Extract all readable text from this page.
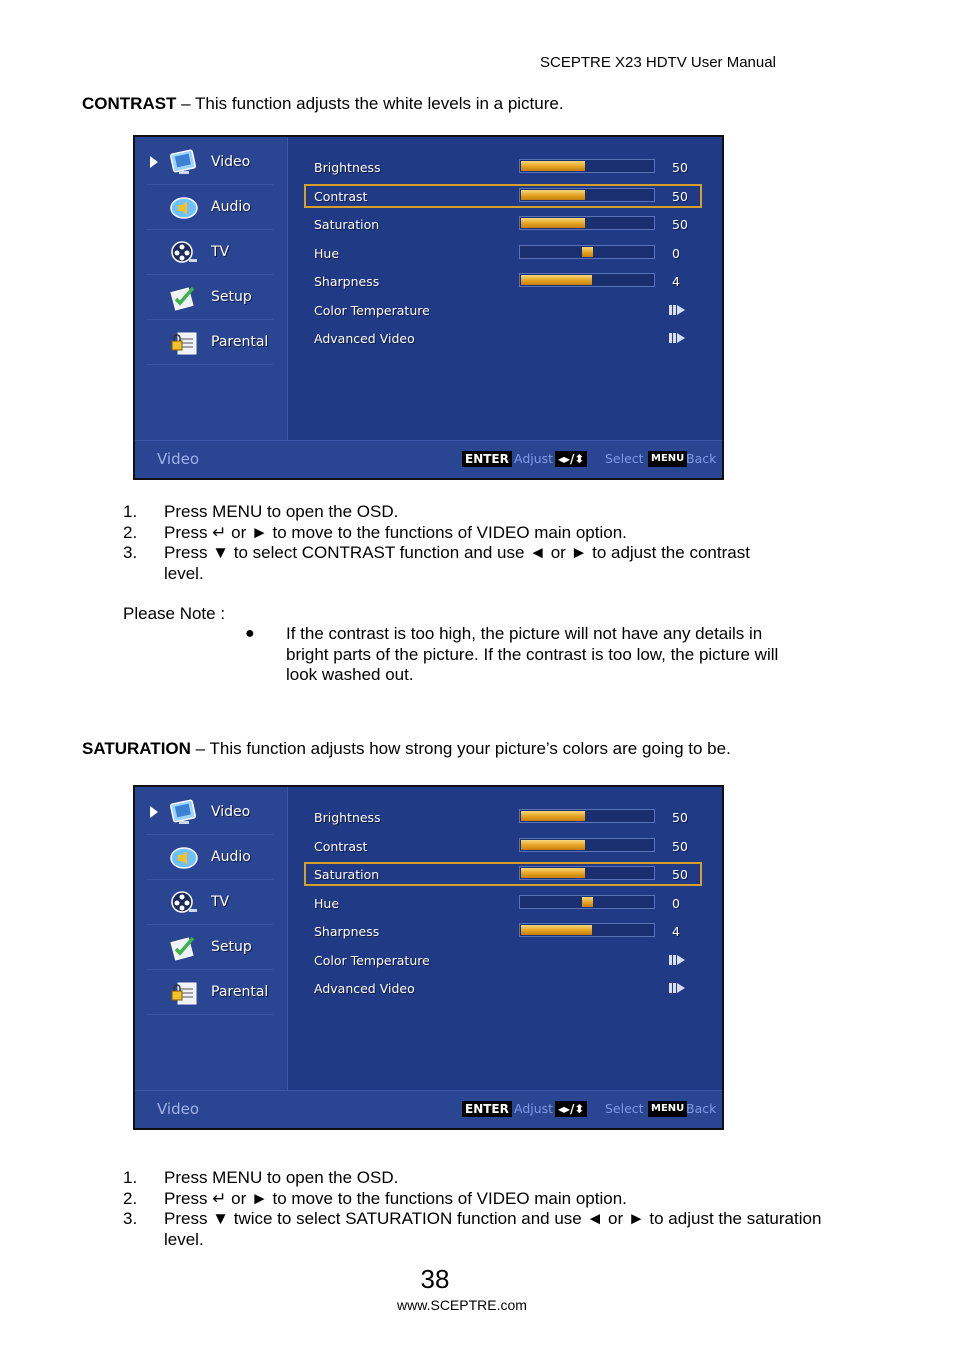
SCEPTRE X23 HDTV User Manual
CONTRAST – This function adjusts the white levels in a picture.
Video
Audio
TV
Setup
Parental
Brightness	50
Contrast	50
Saturation	50
Hue	0
Sharpness	4
Color Temperature
Advanced Video
Video	ENTER Adjust ◂▸/⬍ Select MENU Back
1. Press MENU to open the OSD.
2. Press ↵ or ► to move to the functions of VIDEO main option.
3. Press ▼ to select CONTRAST function and use ◄ or ► to adjust the contrast level.
Please Note :
● If the contrast is too high, the picture will not have any details in bright parts of the picture. If the contrast is too low, the picture will look washed out.
SATURATION – This function adjusts how strong your picture’s colors are going to be.
Video
Audio
TV
Setup
Parental
Brightness	50
Contrast	50
Saturation	50
Hue	0
Sharpness	4
Color Temperature
Advanced Video
Video	ENTER Adjust ◂▸/⬍ Select MENU Back
1. Press MENU to open the OSD.
2. Press ↵ or ► to move to the functions of VIDEO main option.
3. Press ▼ twice to select SATURATION function and use ◄ or ► to adjust the saturation level.
38
www.SCEPTRE.com
